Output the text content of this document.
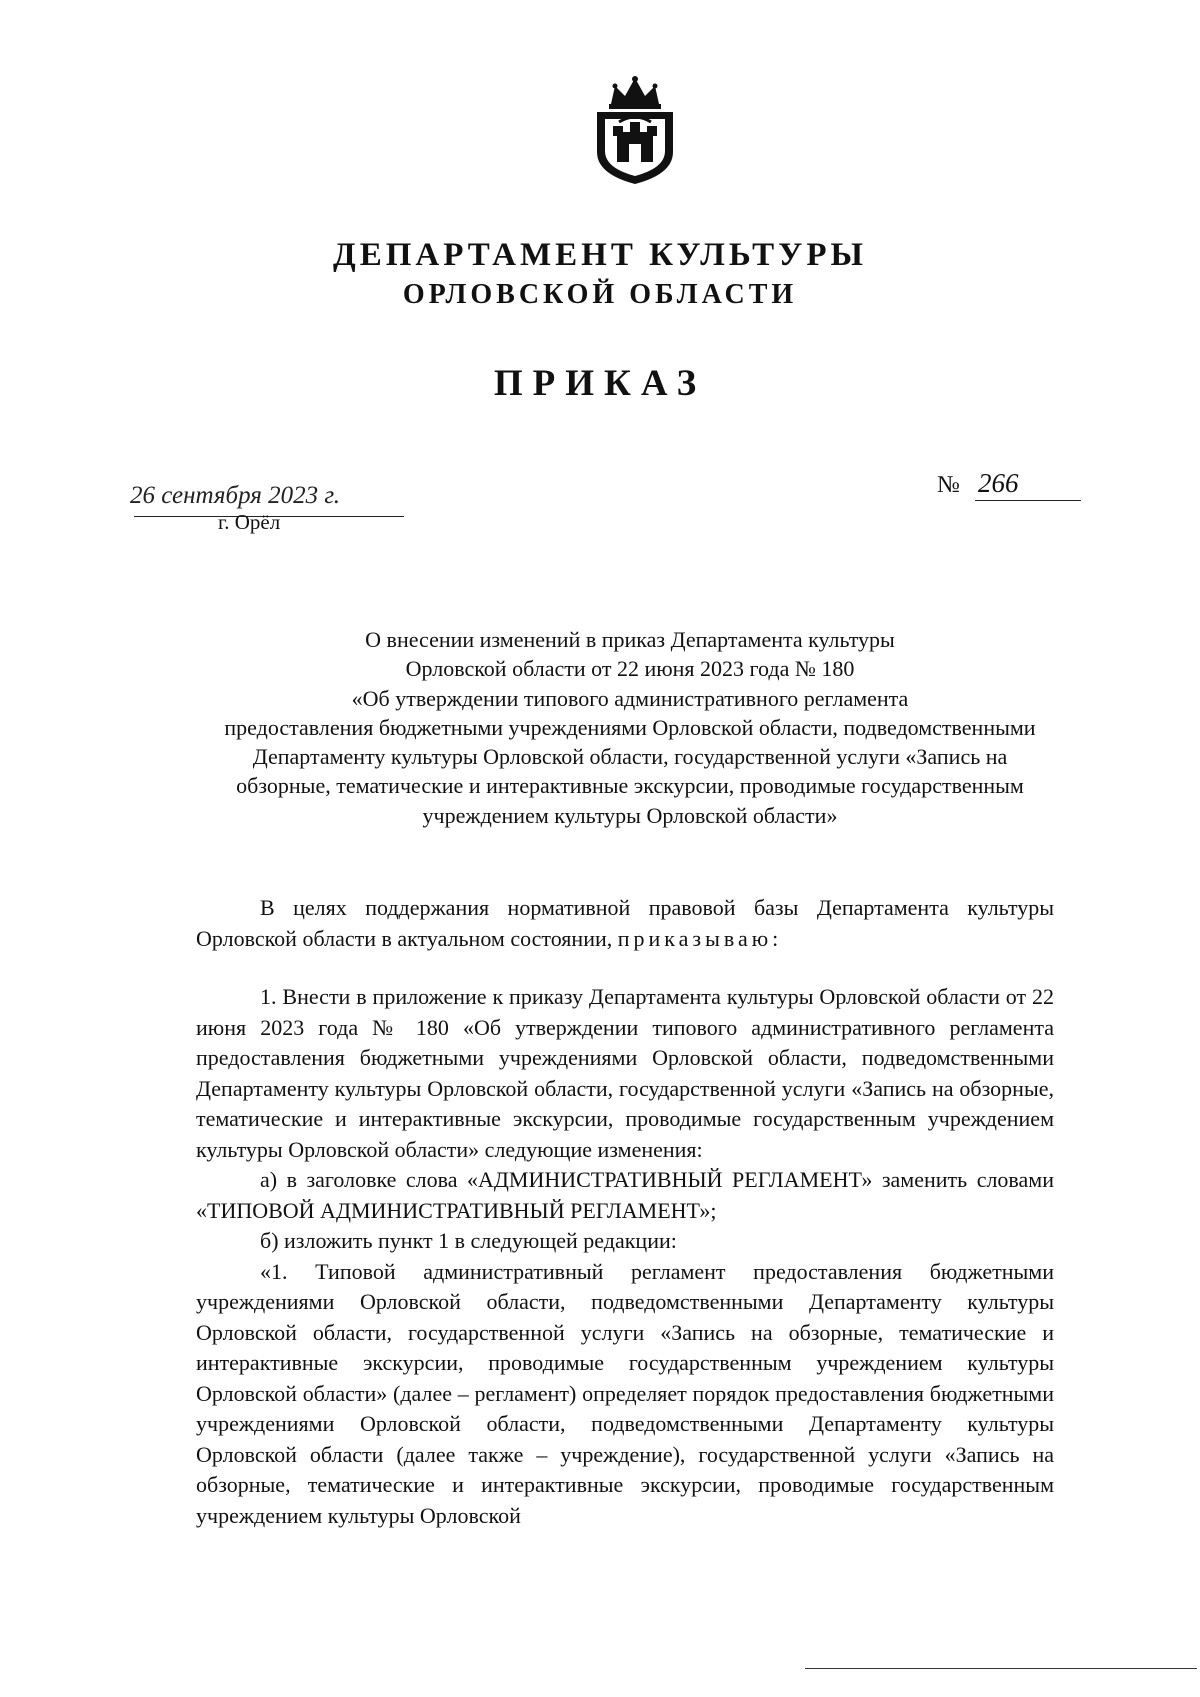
ДЕПАРТАМЕНТ КУЛЬТУРЫ
ОРЛОВСКОЙ ОБЛАСТИ
ПРИКАЗ
26 сентября 2023 г.
г. Орёл
№ 266
О внесении изменений в приказ Департамента культуры
Орловской области от 22 июня 2023 года № 180
«Об утверждении типового административного регламента
предоставления бюджетными учреждениями Орловской области, подведомственными
Департаменту культуры Орловской области, государственной услуги «Запись на
обзорные, тематические и интерактивные экскурсии, проводимые государственным
учреждением культуры Орловской области»

В целях поддержания нормативной правовой базы Департамента культуры Орловской области в актуальном состоянии, приказываю:

1. Внести в приложение к приказу Департамента культуры Орловской области от 22 июня 2023 года № 180 «Об утверждении типового административного регламента предоставления бюджетными учреждениями Орловской области, подведомственными Департаменту культуры Орловской области, государственной услуги «Запись на обзорные, тематические и интерактивные экскурсии, проводимые государственным учреждением культуры Орловской области» следующие изменения:

а) в заголовке слова «АДМИНИСТРАТИВНЫЙ РЕГЛАМЕНТ» заменить словами «ТИПОВОЙ АДМИНИСТРАТИВНЫЙ РЕГЛАМЕНТ»;

б) изложить пункт 1 в следующей редакции:

«1. Типовой административный регламент предоставления бюджетными учреждениями Орловской области, подведомственными Департаменту культуры Орловской области, государственной услуги «Запись на обзорные, тематические и интерактивные экскурсии, проводимые государственным учреждением культуры Орловской области» (далее – регламент) определяет порядок предоставления бюджетными учреждениями Орловской области, подведомственными Департаменту культуры Орловской области (далее также – учреждение), государственной услуги «Запись на обзорные, тематические и интерактивные экскурсии, проводимые государственным учреждением культуры Орловской
